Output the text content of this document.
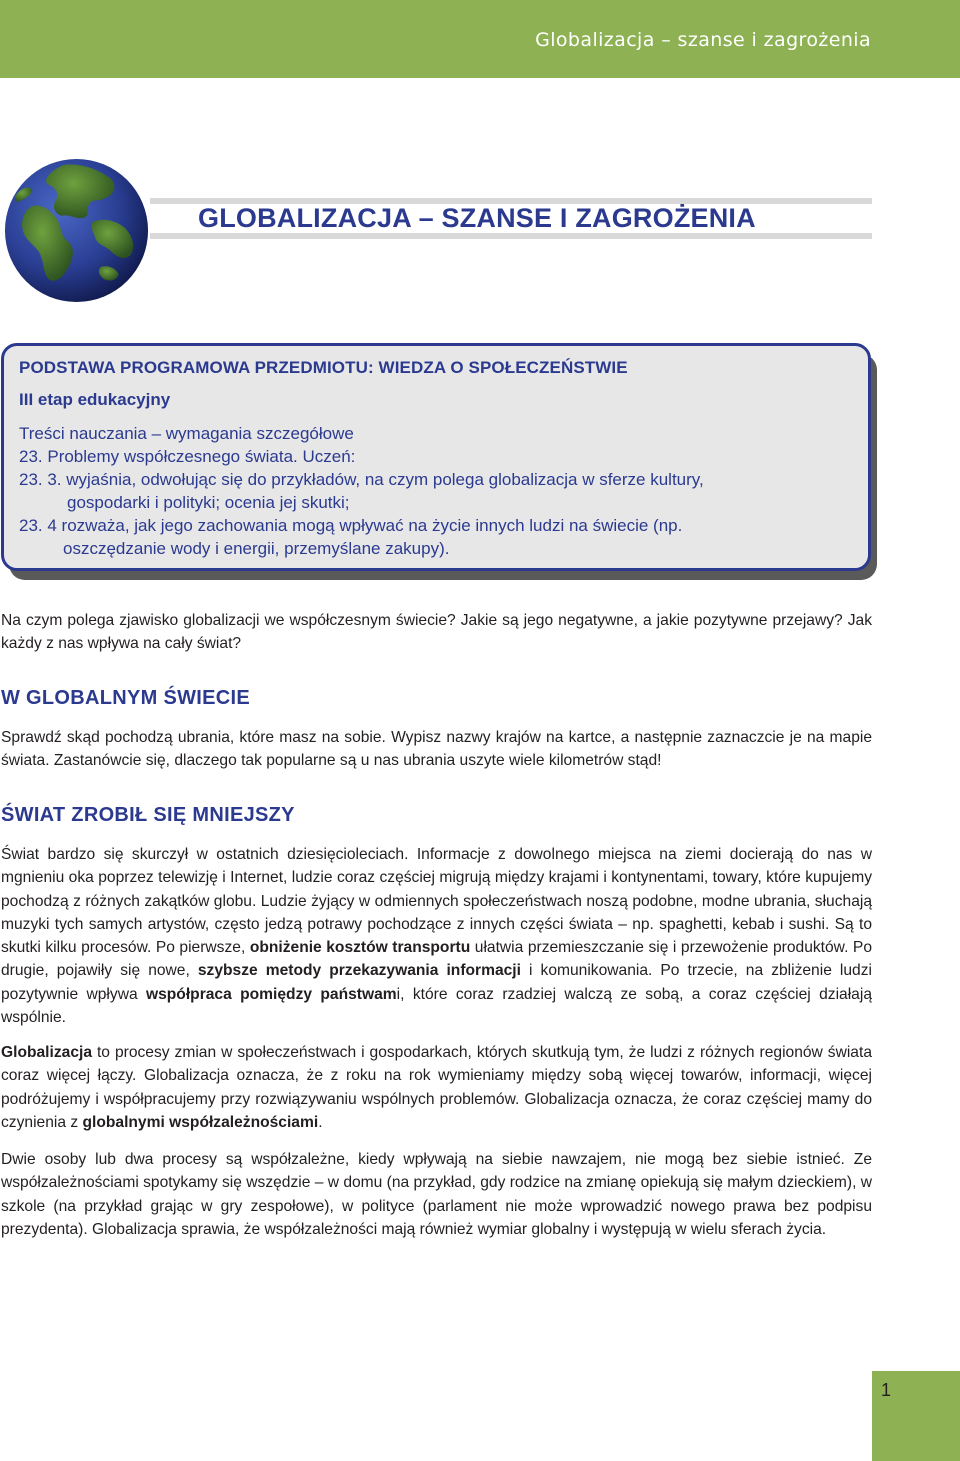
Globalizacja – szanse i zagrożenia
GLOBALIZACJA – SZANSE I ZAGROŻENIA
PODSTAWA PROGRAMOWA PRZEDMIOTU: WIEDZA O SPOŁECZEŃSTWIE
III etap edukacyjny
Treści nauczania – wymagania szczegółowe
23. Problemy współczesnego świata. Uczeń:
23. 3. wyjaśnia, odwołując się do przykładów, na czym polega globalizacja w sferze kultury,
gospodarki i polityki; ocenia jej skutki;
23. 4 rozważa, jak jego zachowania mogą wpływać na życie innych ludzi na świecie (np.
oszczędzanie wody i energii, przemyślane zakupy).
Na czym polega zjawisko globalizacji we współczesnym świecie? Jakie są jego negatywne, a jakie pozytywne przejawy? Jak każdy z nas wpływa na cały świat?
W GLOBALNYM ŚWIECIE
Sprawdź skąd pochodzą ubrania, które masz na sobie. Wypisz nazwy krajów na kartce, a następnie zaznaczcie je na mapie świata. Zastanówcie się, dlaczego tak popularne są u nas ubrania uszyte wiele kilometrów stąd!
ŚWIAT ZROBIŁ SIĘ MNIEJSZY
Świat bardzo się skurczył w ostatnich dziesięcioleciach. Informacje z dowolnego miejsca na ziemi docierają do nas w mgnieniu oka poprzez telewizję i Internet, ludzie coraz częściej migrują między krajami i kontynentami, towary, które kupujemy pochodzą z różnych zakątków globu. Ludzie żyjący w odmiennych społeczeństwach noszą podobne, modne ubrania, słuchają muzyki tych samych artystów, często jedzą potrawy pochodzące z innych części świata – np. spaghetti, kebab i sushi. Są to skutki kilku procesów. Po pierwsze, obniżenie kosztów transportu ułatwia przemieszczanie się i przewożenie produktów. Po drugie, pojawiły się nowe, szybsze metody przekazywania informacji i komunikowania. Po trzecie, na zbliżenie ludzi pozytywnie wpływa współpraca pomiędzy państwami, które coraz rzadziej walczą ze sobą, a coraz częściej działają wspólnie.
Globalizacja to procesy zmian w społeczeństwach i gospodarkach, których skutkują tym, że ludzi z różnych regionów świata coraz więcej łączy. Globalizacja oznacza, że z roku na rok wymieniamy między sobą więcej towarów, informacji, więcej podróżujemy i współpracujemy przy rozwiązywaniu wspólnych problemów. Globalizacja oznacza, że coraz częściej mamy do czynienia z globalnymi współzależnościami.
Dwie osoby lub dwa procesy są współzależne, kiedy wpływają na siebie nawzajem, nie mogą bez siebie istnieć. Ze współzależnościami spotykamy się wszędzie – w domu (na przykład, gdy rodzice na zmianę opiekują się małym dzieckiem), w szkole (na przykład grając w gry zespołowe), w polityce (parlament nie może wprowadzić nowego prawa bez podpisu prezydenta). Globalizacja sprawia, że współzależności mają również wymiar globalny i występują w wielu sferach życia.
1
